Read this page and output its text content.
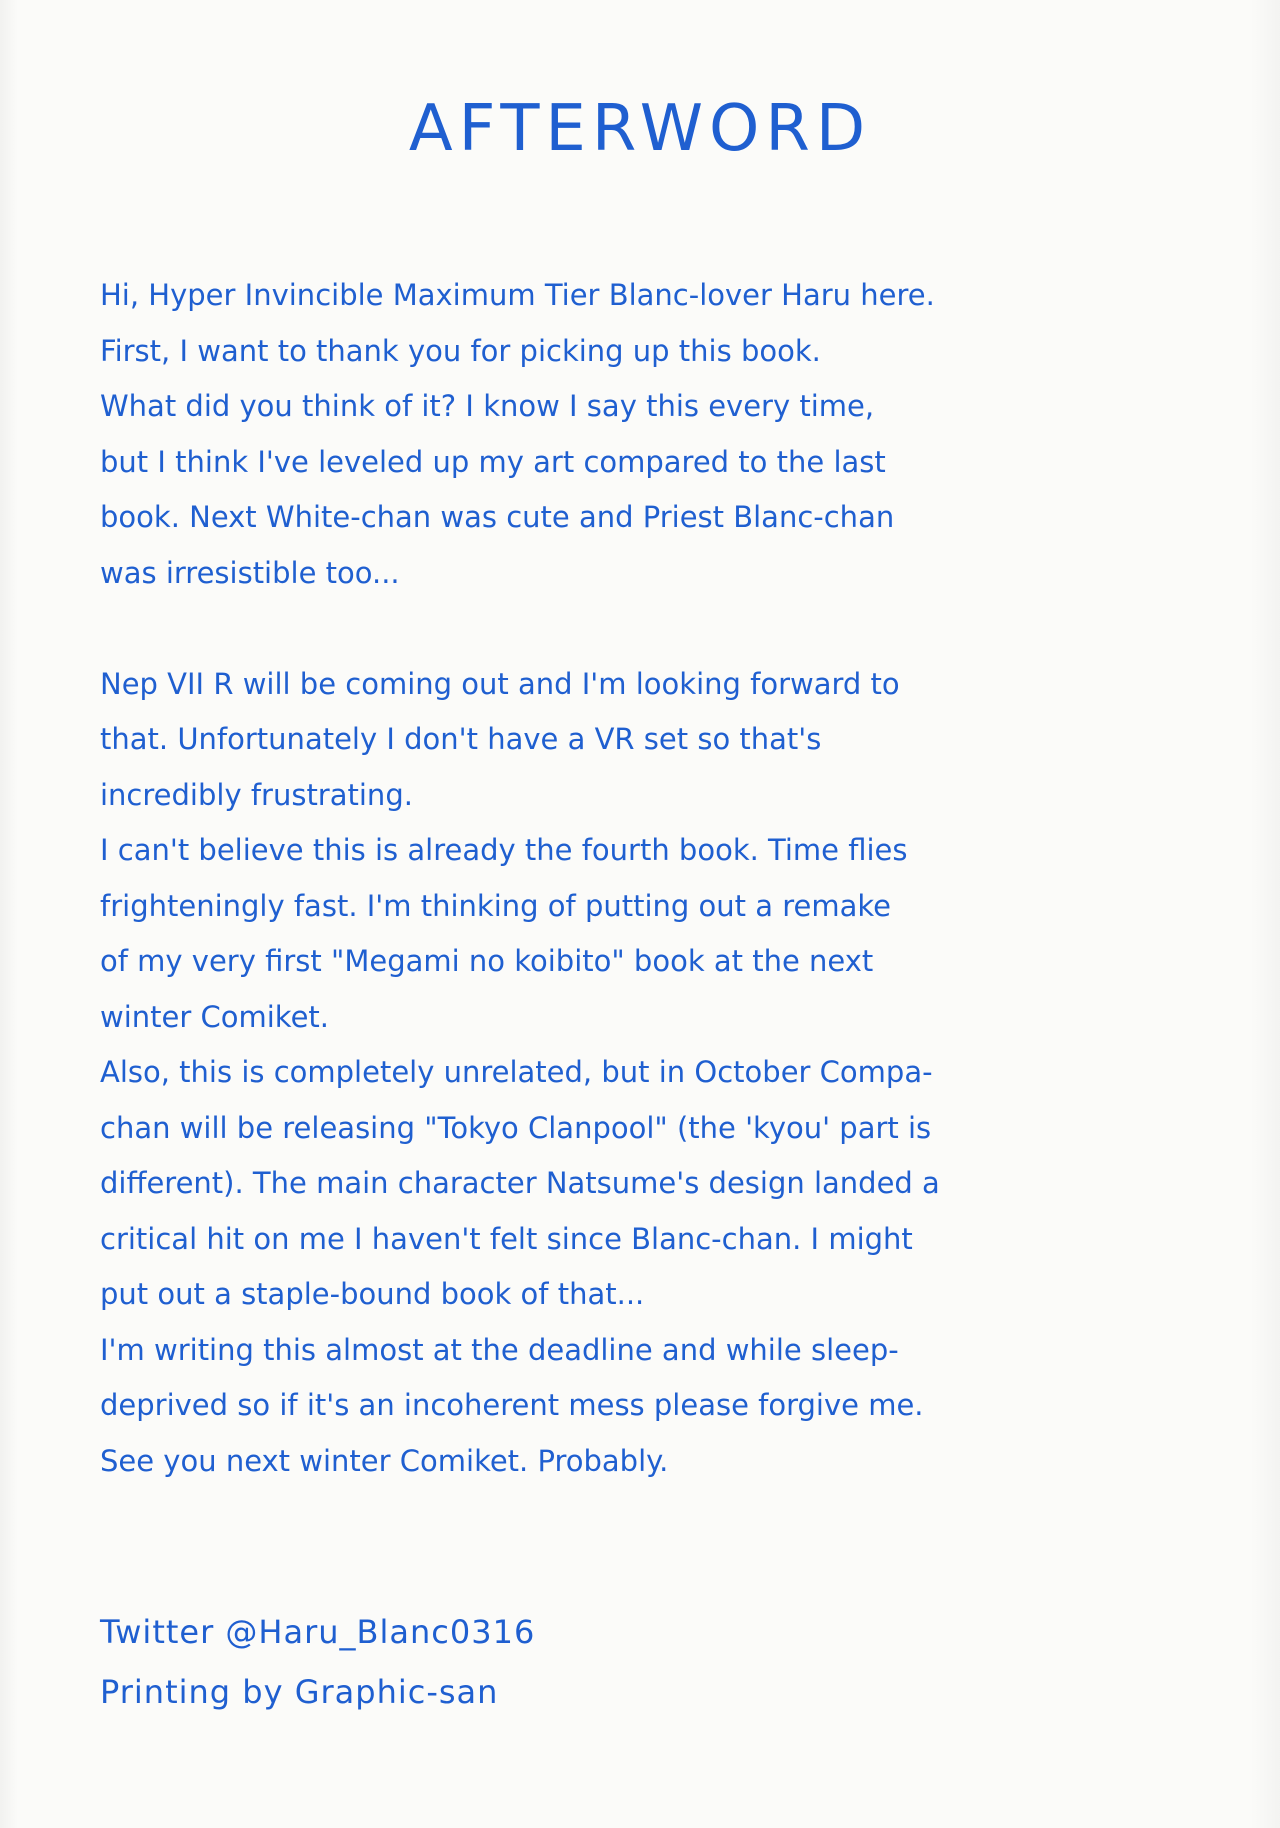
AFTERWORD
Hi, Hyper Invincible Maximum Tier Blanc-lover Haru here.
First, I want to thank you for picking up this book.
What did you think of it? I know I say this every time,
but I think I've leveled up my art compared to the last
book. Next White-chan was cute and Priest Blanc-chan
was irresistible too...
Nep VII R will be coming out and I'm looking forward to
that. Unfortunately I don't have a VR set so that's
incredibly frustrating.
I can't believe this is already the fourth book. Time flies
frighteningly fast. I'm thinking of putting out a remake
of my very first "Megami no koibito" book at the next
winter Comiket.
Also, this is completely unrelated, but in October Compa-
chan will be releasing "Tokyo Clanpool" (the 'kyou' part is
different). The main character Natsume's design landed a
critical hit on me I haven't felt since Blanc-chan. I might
put out a staple-bound book of that...
I'm writing this almost at the deadline and while sleep-
deprived so if it's an incoherent mess please forgive me.
See you next winter Comiket. Probably.
Twitter @Haru_Blanc0316
Printing by Graphic-san
